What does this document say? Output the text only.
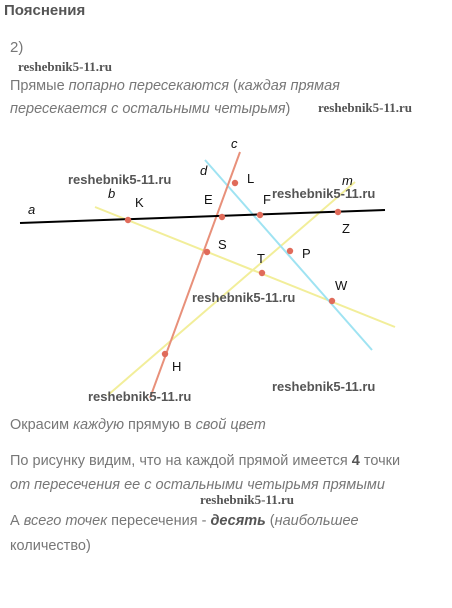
Пояснения
2)
reshebnik5-11.ru
Прямые попарно пересекаются (каждая прямая
пересекается с остальными четырьмя) reshebnik5-11.ru
a
b
c
d
m
K	E
L
F
Z
S
T	P
W
H
reshebnik5-11.ru
reshebnik5-11.ru
reshebnik5-11.ru
reshebnik5-11.ru
reshebnik5-11.ru
Окрасим каждую прямую в свой цвет
По рисунку видим, что на каждой прямой имеется 4 точки
от пересечения ее с остальными четырьмя прямыми
reshebnik5-11.ru
А всего точек пересечения - десять (наибольшее
количество)
